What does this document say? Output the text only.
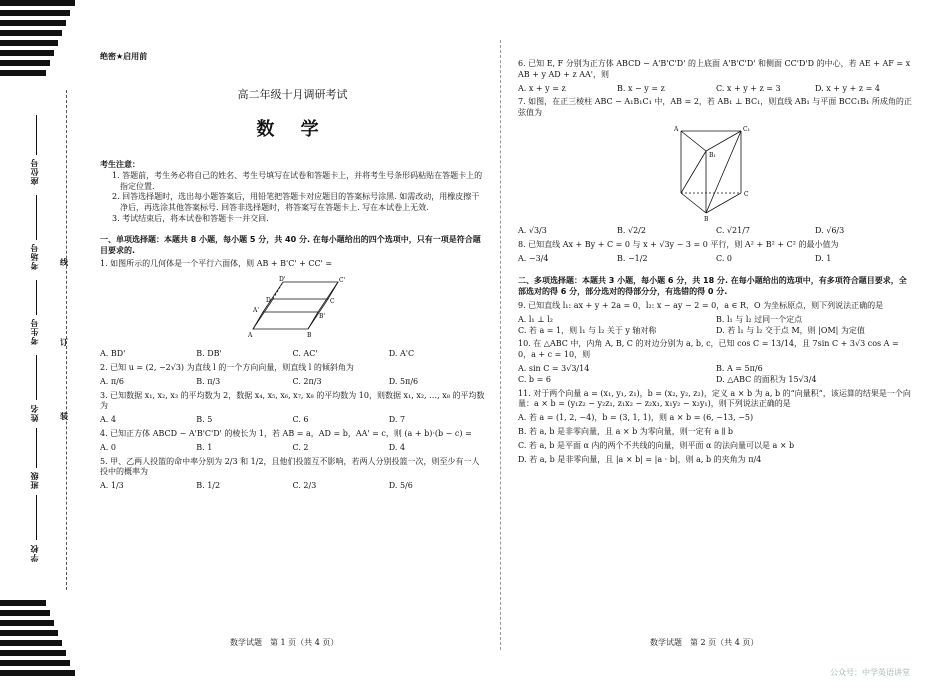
座位号
考场号
考生号
姓名
班级
学校
线
订
装
绝密★启用前
高二年级十月调研考试
数 学
考生注意：

1. 答题前，考生务必将自己的姓名、考生号填写在试卷和答题卡上，并将考生号条形码粘贴在答题卡上的指定位置.

2. 回答选择题时，选出每小题答案后，用铅笔把答题卡对应题目的答案标号涂黑. 如需改动，用橡皮擦干净后，再选涂其他答案标号. 回答非选择题时，将答案写在答题卡上. 写在本试卷上无效.

3. 考试结束后，将本试卷和答题卡一并交回.

一、单项选择题：本题共 8 小题，每小题 5 分，共 40 分. 在每小题给出的四个选项中，只有一项是符合题目要求的.
1. 如图所示的几何体是一个平行六面体，则 AB + B'C' + CC' =
D'	C'
A'
B'
D	C
A	B
A. BD'	B. DB'	C. AC'	D. A'C
2. 已知 u = (2, −2√3) 为直线 l 的一个方向向量，则直线 l 的倾斜角为
A. π/6	B. π/3	C. 2π/3	D. 5π/6
3. 已知数据 x₁, x₂, x₃ 的平均数为 2，数据 x₄, x₅, x₆, x₇, x₈ 的平均数为 10，则数据 x₁, x₂, …, x₈ 的平均数为
A. 4	B. 5	C. 6	D. 7
4. 已知正方体 ABCD − A'B'C'D' 的棱长为 1，若 AB = a，AD = b，AA' = c，则 (a + b)·(b − c) =
A. 0	B. 1	C. 2	D. 4
5. 甲、乙两人投篮的命中率分别为 2/3 和 1/2，且他们投篮互不影响，若两人分别投篮一次，则至少有一人投中的概率为
A. 1/3	B. 1/2	C. 2/3	D. 5/6
6. 已知 E, F 分别为正方体 ABCD − A'B'C'D' 的上底面 A'B'C'D' 和侧面 CC'D'D 的中心，若 AE + AF = x AB + y AD + z AA'，则
A. x + y = z	B. x − y = z	C. x + y + z = 3	D. x + y + z = 4
7. 如图，在正三棱柱 ABC − A₁B₁C₁ 中，AB = 2，若 AB₁ ⊥ BC₁，则直线 AB₁ 与平面 BCC₁B₁ 所成角的正弦值为
A	C₁
B₁
C
B
A. √3/3	B. √2/2	C. √21/7	D. √6/3
8. 已知直线 Ax + By + C = 0 与 x + √3y − 3 = 0 平行，则 A² + B² + C² 的最小值为
A. −3/4	B. −1/2	C. 0	D. 1
二、多项选择题：本题共 3 小题，每小题 6 分，共 18 分. 在每小题给出的选项中，有多项符合题目要求，全部选对的得 6 分，部分选对的得部分分，有选错的得 0 分.
9. 已知直线 l₁: ax + y + 2a = 0，l₂: x − ay − 2 = 0，a ∈ R，O 为坐标原点，则下列说法正确的是
A. l₁ ⊥ l₂	B. l₁ 与 l₂ 过同一个定点
C. 若 a = 1，则 l₁ 与 l₂ 关于 y 轴对称	D. 若 l₁ 与 l₂ 交于点 M，则 |OM| 为定值
10. 在 △ABC 中，内角 A, B, C 的对边分别为 a, b, c，已知 cos C = 13/14，且 7sin C + 3√3 cos A = 0，a + c = 10，则
A. sin C = 3√3/14	B. A = 5π/6
C. b = 6	D. △ABC 的面积为 15√3/4
11. 对于两个向量 a = (x₁, y₁, z₁)，b = (x₂, y₂, z₂)，定义 a × b 为 a, b 的“向量积”，该运算的结果是一个向量：a × b = (y₁z₂ − y₂z₁, z₁x₂ − z₂x₁, x₁y₂ − x₂y₁)，则下列说法正确的是
A. 若 a = (1, 2, −4)，b = (3, 1, 1)，则 a × b = (6, −13, −5)
B. 若 a, b 是非零向量，且 a × b 为零向量，则一定有 a ∥ b
C. 若 a, b 是平面 α 内的两个不共线的向量，则平面 α 的法向量可以是 a × b
D. 若 a, b 是非零向量，且 |a × b| = |a · b|，则 a, b 的夹角为 π/4
数学试题　第 1 页（共 4 页）	数学试题　第 2 页（共 4 页）
公众号：中学英语讲堂
